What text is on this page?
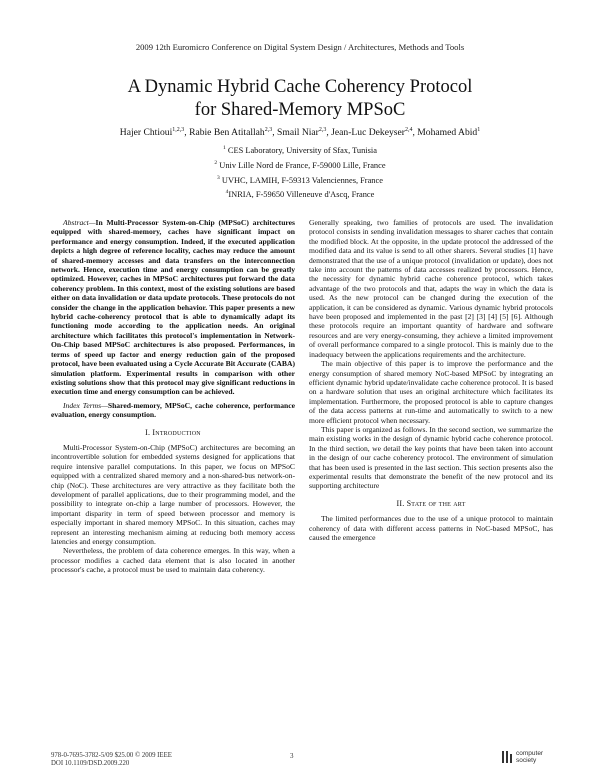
2009 12th Euromicro Conference on Digital System Design / Architectures, Methods and Tools
A Dynamic Hybrid Cache Coherency Protocol
for Shared-Memory MPSoC
Hajer Chtioui$^{1,2,3}$, Rabie Ben Atitallah$^{2,3}$, Smail Niar$^{2,3}$, Jean-Luc Dekeyser$^{2,4}$, Mohamed Abid$^1$
$^1$ CES Laboratory, University of Sfax, Tunisia
$^2$ Univ Lille Nord de France, F-59000 Lille, France
$^3$ UVHC, LAMIH, F-59313 Valenciennes, France
$^4$INRIA, F-59650 Villeneuve d'Ascq, France

Abstract—In Multi-Processor System-on-Chip (MPSoC) architectures equipped with shared-memory, caches have significant impact on performance and energy consumption. Indeed, if the executed application depicts a high degree of reference locality, caches may reduce the amount of shared-memory accesses and data transfers on the interconnection network. Hence, execution time and energy consumption can be greatly optimized. However, caches in MPSoC architectures put forward the data coherency problem. In this context, most of the existing solutions are based either on data invalidation or data update protocols. These protocols do not consider the change in the application behavior. This paper presents a new hybrid cache-coherency protocol that is able to dynamically adapt its functioning mode according to the application needs. An original architecture which facilitates this protocol's implementation in Network-On-Chip based MPSoC architectures is also proposed. Performances, in terms of speed up factor and energy reduction gain of the proposed protocol, have been evaluated using a Cycle Accurate Bit Accurate (CABA) simulation platform. Experimental results in comparison with other existing solutions show that this protocol may give significant reductions in execution time and energy consumption can be achieved.

Index Terms—Shared-memory, MPSoC, cache coherence, performance evaluation, energy consumption.

I. Introduction

Multi-Processor System-on-Chip (MPSoC) architectures are becoming an incontrovertible solution for embedded systems designed for applications that require intensive parallel computations. In this paper, we focus on MPSoC equipped with a centralized shared memory and a non-shared-bus network-on-chip (NoC). These architectures are very attractive as they facilitate both the development of parallel applications, due to their programming model, and the possibility to integrate on-chip a large number of processors. However, the important disparity in term of speed between processor and memory is especially important in shared memory MPSoC. In this situation, caches may represent an interesting mechanism aiming at reducing both memory access latencies and energy consumption.

Nevertheless, the problem of data coherence emerges. In this way, when a processor modifies a cached data element that is also located in another processor's cache, a protocol must be used to maintain data coherency.

Generally speaking, two families of protocols are used. The invalidation protocol consists in sending invalidation messages to sharer caches that contain the modified block. At the opposite, in the update protocol the addressed of the modified data and its value is send to all other sharers. Several studies [1] have demonstrated that the use of a unique protocol (invalidation or update), does not take into account the patterns of data accesses realized by processors. Hence, the necessity for dynamic hybrid cache coherence protocol, which takes advantage of the two protocols and that, adapts the way in which the data is used. As the new protocol can be changed during the execution of the application, it can be considered as dynamic. Various dynamic hybrid protocols have been proposed and implemented in the past [2] [3] [4] [5] [6]. Although these protocols require an important quantity of hardware and software resources and are very energy-consuming, they achieve a limited improvement of overall performance compared to a single protocol. This is mainly due to the inadequacy between the applications requirements and the architecture.

The main objective of this paper is to improve the performance and the energy consumption of shared memory NoC-based MPSoC by integrating an efficient dynamic hybrid update/invalidate cache coherence protocol. It is based on a hardware solution that uses an original architecture which facilitates its implementation. Furthermore, the proposed protocol is able to capture changes of the data access patterns at run-time and automatically to switch to a new more efficient protocol when necessary.

This paper is organized as follows. In the second section, we summarize the main existing works in the design of dynamic hybrid cache coherence protocol. In the third section, we detail the key points that have been taken into account in the design of our cache coherency protocol. The environment of simulation that has been used is presented in the last section. This section presents also the experimental results that demonstrate the benefit of the new protocol and its supporting architecture

II. State of the art

The limited performances due to the use of a unique protocol to maintain coherency of data with different access patterns in NoC-based MPSoC, has caused the emergence

978-0-7695-3782-5/09 $25.00 © 2009 IEEE
DOI 10.1109/DSD.2009.220
3	computer
society
